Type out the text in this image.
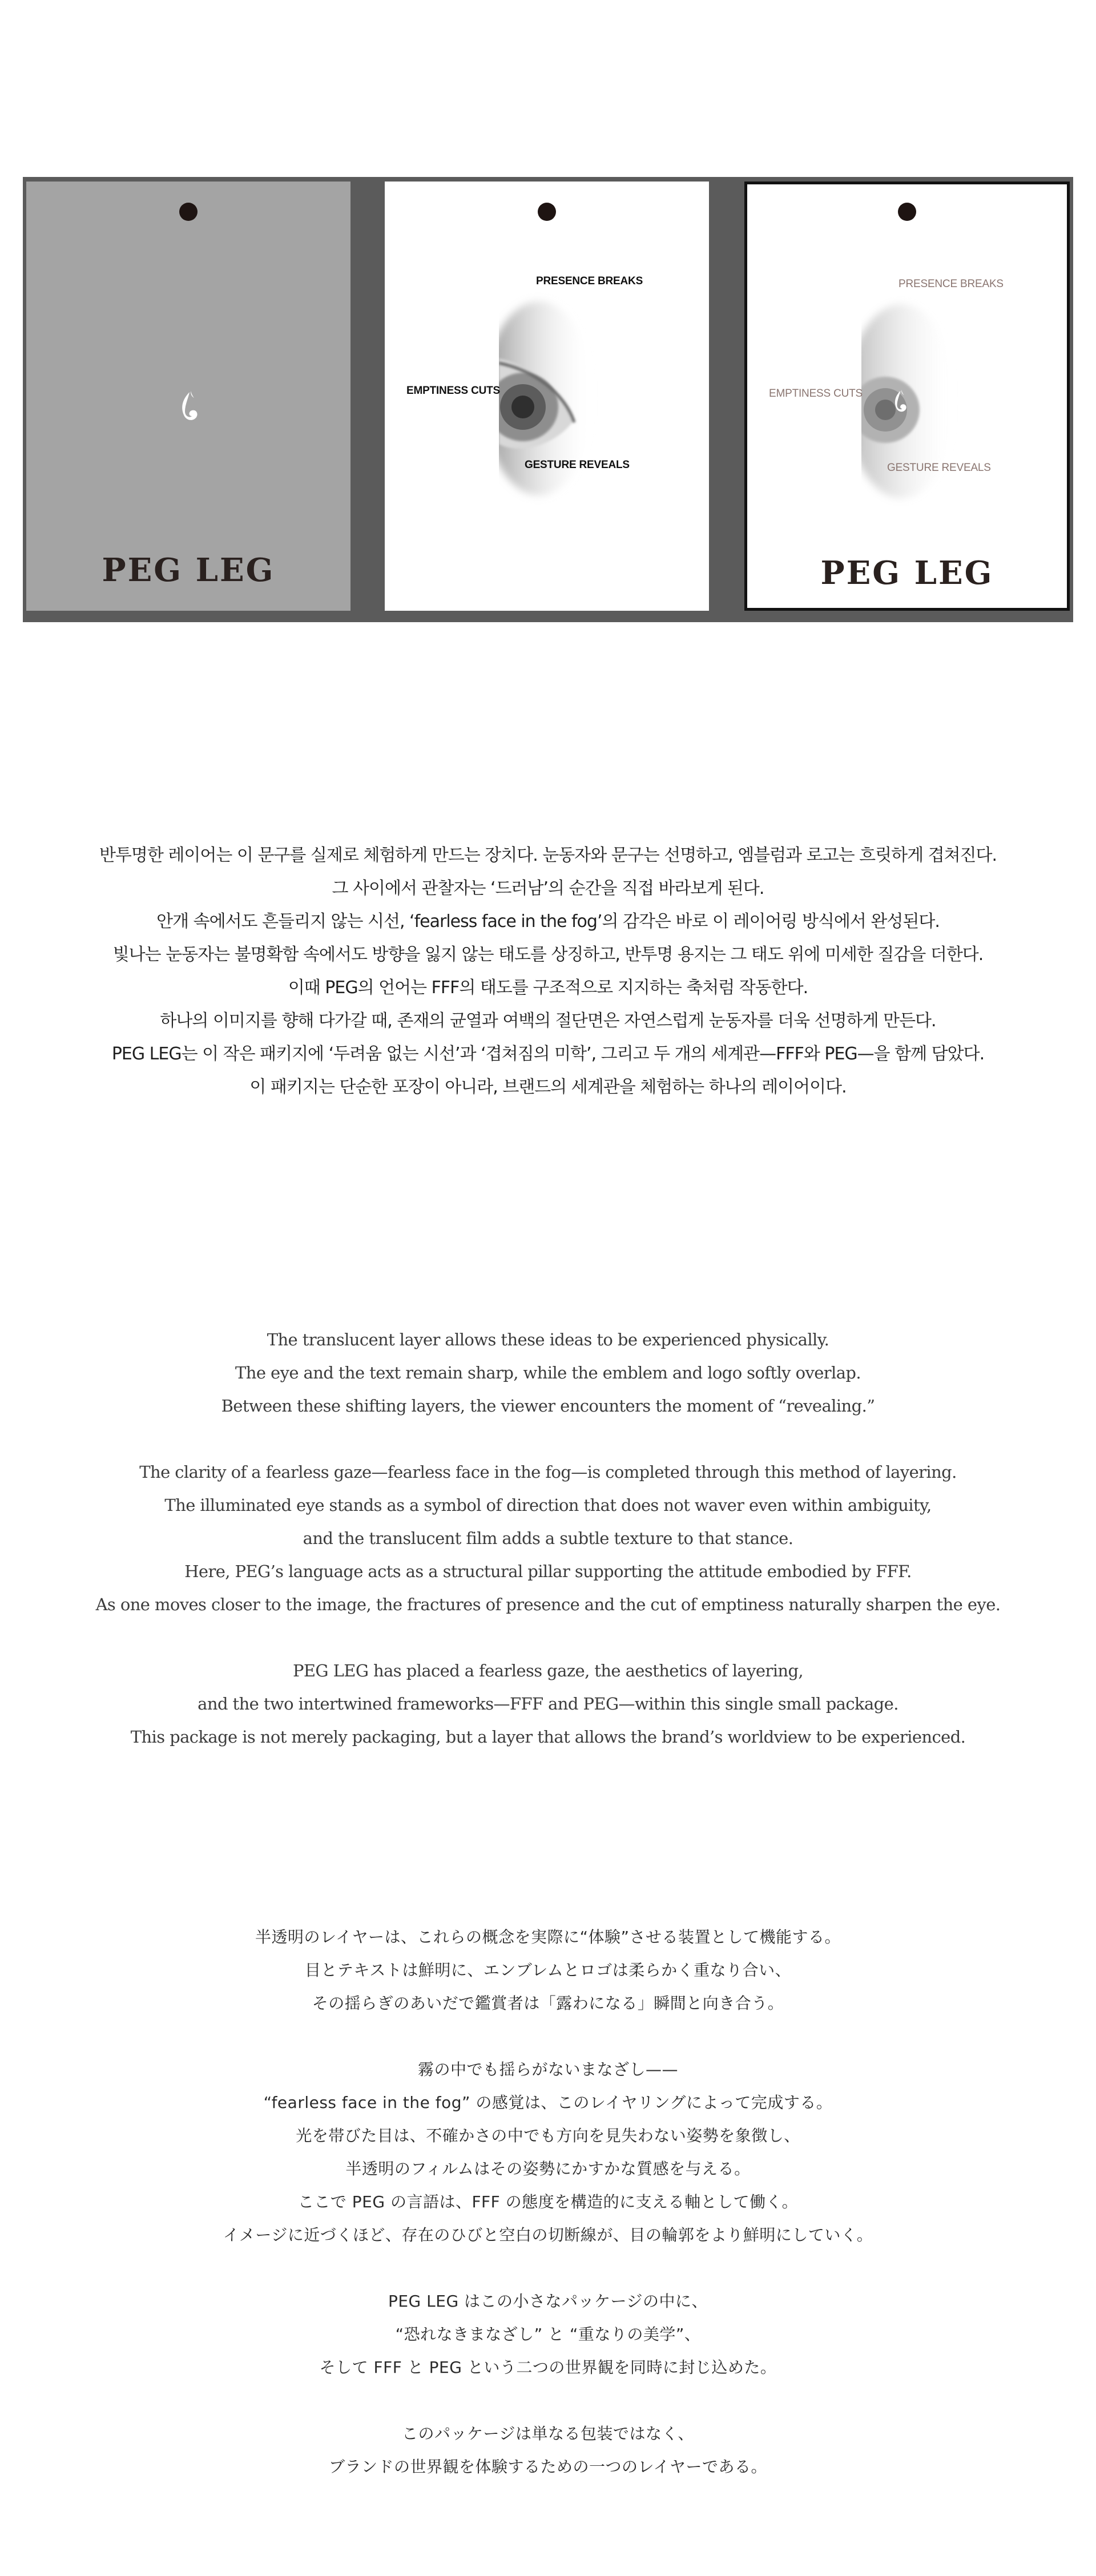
PEG LEG
PRESENCE BREAKS
EMPTINESS CUTS
GESTURE REVEALS
PRESENCE BREAKS
EMPTINESS CUTS
GESTURE REVEALS
PEG LEG
반투명한 레이어는 이 문구를 실제로 체험하게 만드는 장치다. 눈동자와 문구는 선명하고, 엠블럼과 로고는 흐릿하게 겹쳐진다.
그 사이에서 관찰자는 ‘드러남’의 순간을 직접 바라보게 된다.
안개 속에서도 흔들리지 않는 시선, ‘fearless face in the fog’의 감각은 바로 이 레이어링 방식에서 완성된다.
빛나는 눈동자는 불명확함 속에서도 방향을 잃지 않는 태도를 상징하고, 반투명 용지는 그 태도 위에 미세한 질감을 더한다.
이때 PEG의 언어는 FFF의 태도를 구조적으로 지지하는 축처럼 작동한다.
하나의 이미지를 향해 다가갈 때, 존재의 균열과 여백의 절단면은 자연스럽게 눈동자를 더욱 선명하게 만든다.
PEG LEG는 이 작은 패키지에 ‘두려움 없는 시선’과 ‘겹쳐짐의 미학’, 그리고 두 개의 세계관—FFF와 PEG—을 함께 담았다.
이 패키지는 단순한 포장이 아니라, 브랜드의 세계관을 체험하는 하나의 레이어이다.
The translucent layer allows these ideas to be experienced physically.
The eye and the text remain sharp, while the emblem and logo softly overlap.
Between these shifting layers, the viewer encounters the moment of “revealing.”
The clarity of a fearless gaze—fearless face in the fog—is completed through this method of layering.
The illuminated eye stands as a symbol of direction that does not waver even within ambiguity,
and the translucent film adds a subtle texture to that stance.
Here, PEG’s language acts as a structural pillar supporting the attitude embodied by FFF.
As one moves closer to the image, the fractures of presence and the cut of emptiness naturally sharpen the eye.
PEG LEG has placed a fearless gaze, the aesthetics of layering,
and the two intertwined frameworks—FFF and PEG—within this single small package.
This package is not merely packaging, but a layer that allows the brand’s worldview to be experienced.
半透明のレイヤーは、これらの概念を実際に“体験”させる装置として機能する。
目とテキストは鮮明に、エンブレムとロゴは柔らかく重なり合い、
その揺らぎのあいだで鑑賞者は「露わになる」瞬間と向き合う。
霧の中でも揺らがないまなざし——
“fearless face in the fog” の感覚は、このレイヤリングによって完成する。
光を帯びた目は、不確かさの中でも方向を見失わない姿勢を象徴し、
半透明のフィルムはその姿勢にかすかな質感を与える。
ここで PEG の言語は、FFF の態度を構造的に支える軸として働く。
イメージに近づくほど、存在のひびと空白の切断線が、目の輪郭をより鮮明にしていく。
PEG LEG はこの小さなパッケージの中に、
“恐れなきまなざし” と “重なりの美学”、
そして FFF と PEG という二つの世界観を同時に封じ込めた。
このパッケージは単なる包装ではなく、
ブランドの世界観を体験するための一つのレイヤーである。
